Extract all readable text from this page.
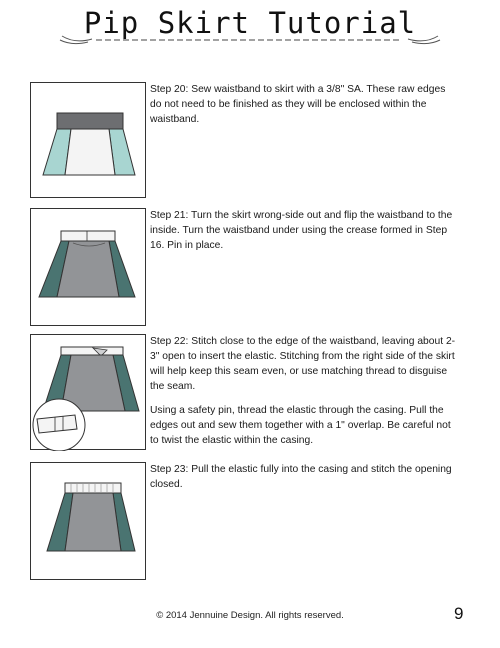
Pip Skirt Tutorial

Step 20: Sew waistband to skirt with a 3/8" SA. These raw edges do not need to be finished as they will be enclosed within the waistband.

Step 21: Turn the skirt wrong-side out and flip the waistband to the inside. Turn the waistband under using the crease formed in Step 16. Pin in place.

Step 22: Stitch close to the edge of the waistband, leaving about 2-3" open to insert the elastic. Stitching from the right side of the skirt will help keep this seam even, or use matching thread to disguise the seam.

Using a safety pin, thread the elastic through the casing. Pull the edges out and sew them together with a 1" overlap. Be careful not to twist the elastic within the casing.

Step 23: Pull the elastic fully into the casing and stitch the opening closed.

© 2014 Jennuine Design. All rights reserved.	9
